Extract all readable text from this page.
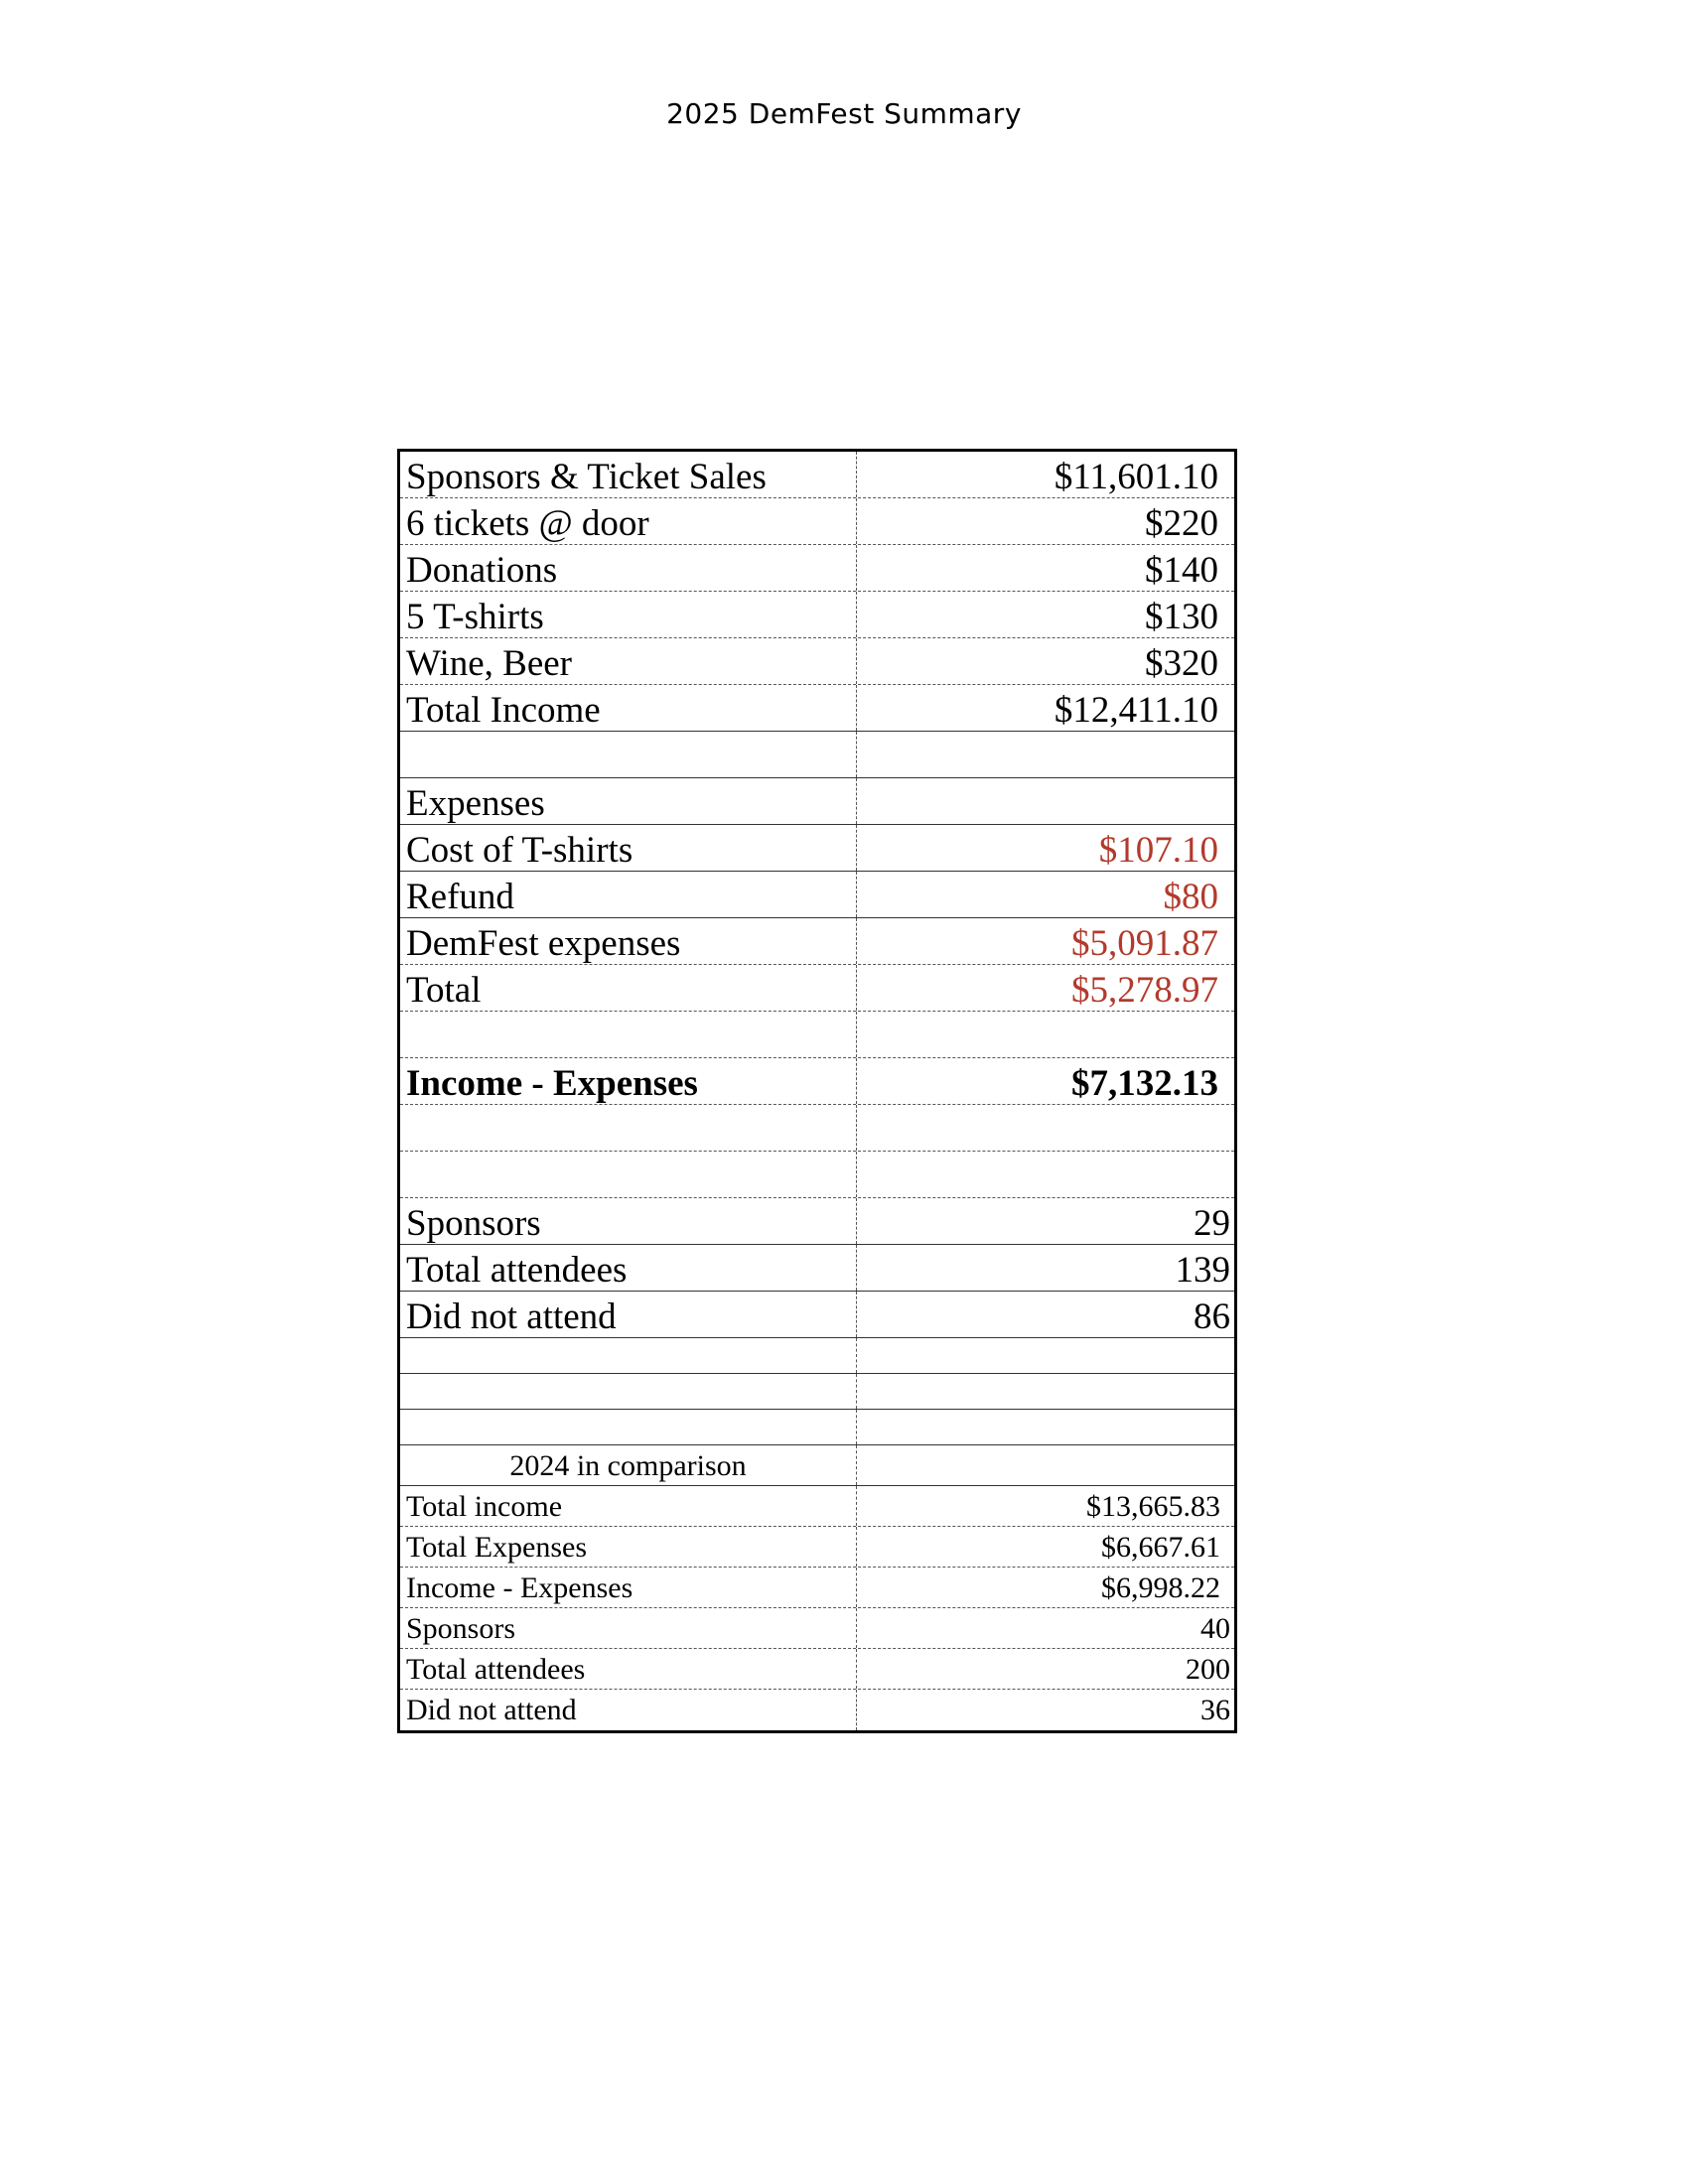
2025 DemFest Summary
Sponsors & Ticket Sales	$11,601.10
6 tickets @ door	$220
Donations	$140
5 T-shirts	$130
Wine, Beer	$320
Total Income	$12,411.10
Expenses
Cost of T-shirts	$107.10
Refund	$80
DemFest expenses	$5,091.87
Total	$5,278.97
Income - Expenses	$7,132.13
Sponsors	29
Total attendees	139
Did not attend	86
2024 in comparison
Total income	$13,665.83
Total Expenses	$6,667.61
Income - Expenses	$6,998.22
Sponsors	40
Total attendees	200
Did not attend	36
